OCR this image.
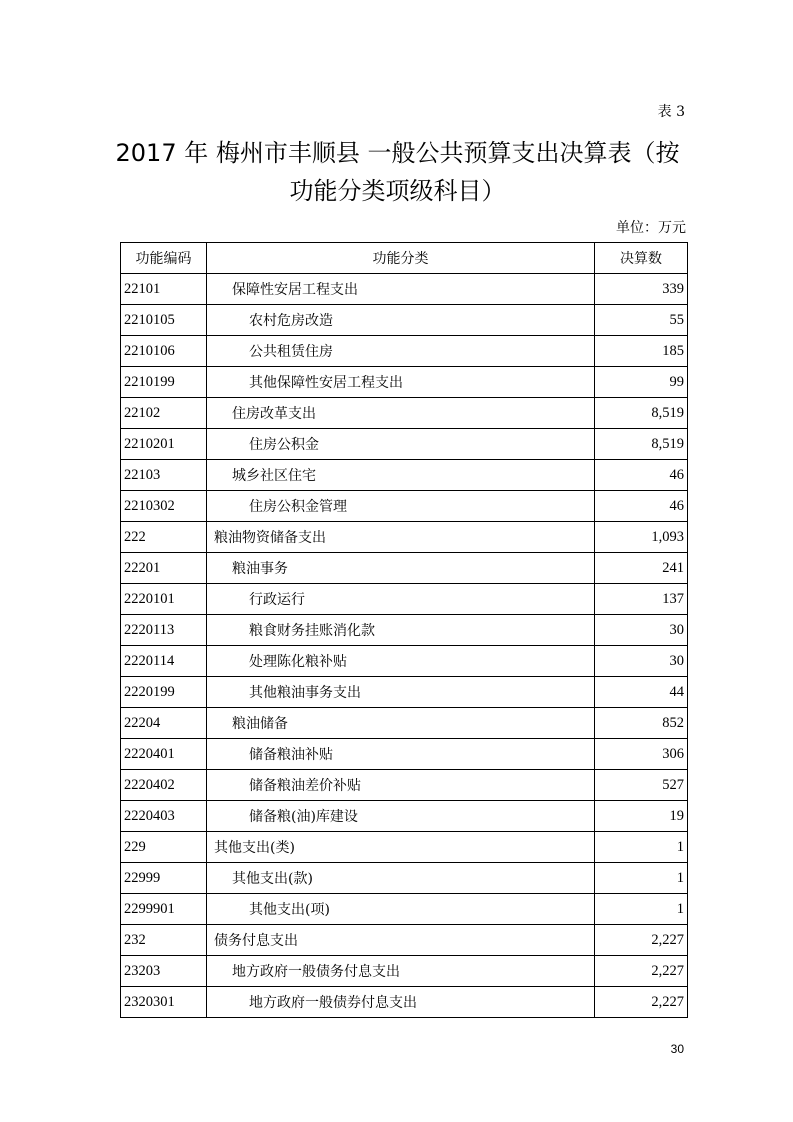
表 3
2017 年 梅州市丰顺县 一般公共预算支出决算表（按
功能分类项级科目）
单位：万元
功能编码	功能分类	决算数
22101	保障性安居工程支出	339
2210105	农村危房改造	55
2210106	公共租赁住房	185
2210199	其他保障性安居工程支出	99
22102	住房改革支出	8,519
2210201	住房公积金	8,519
22103	城乡社区住宅	46
2210302	住房公积金管理	46
222	粮油物资储备支出	1,093
22201	粮油事务	241
2220101	行政运行	137
2220113	粮食财务挂账消化款	30
2220114	处理陈化粮补贴	30
2220199	其他粮油事务支出	44
22204	粮油储备	852
2220401	储备粮油补贴	306
2220402	储备粮油差价补贴	527
2220403	储备粮(油)库建设	19
229	其他支出(类)	1
22999	其他支出(款)	1
2299901	其他支出(项)	1
232	债务付息支出	2,227
23203	地方政府一般债务付息支出	2,227
2320301	地方政府一般债券付息支出	2,227
30
